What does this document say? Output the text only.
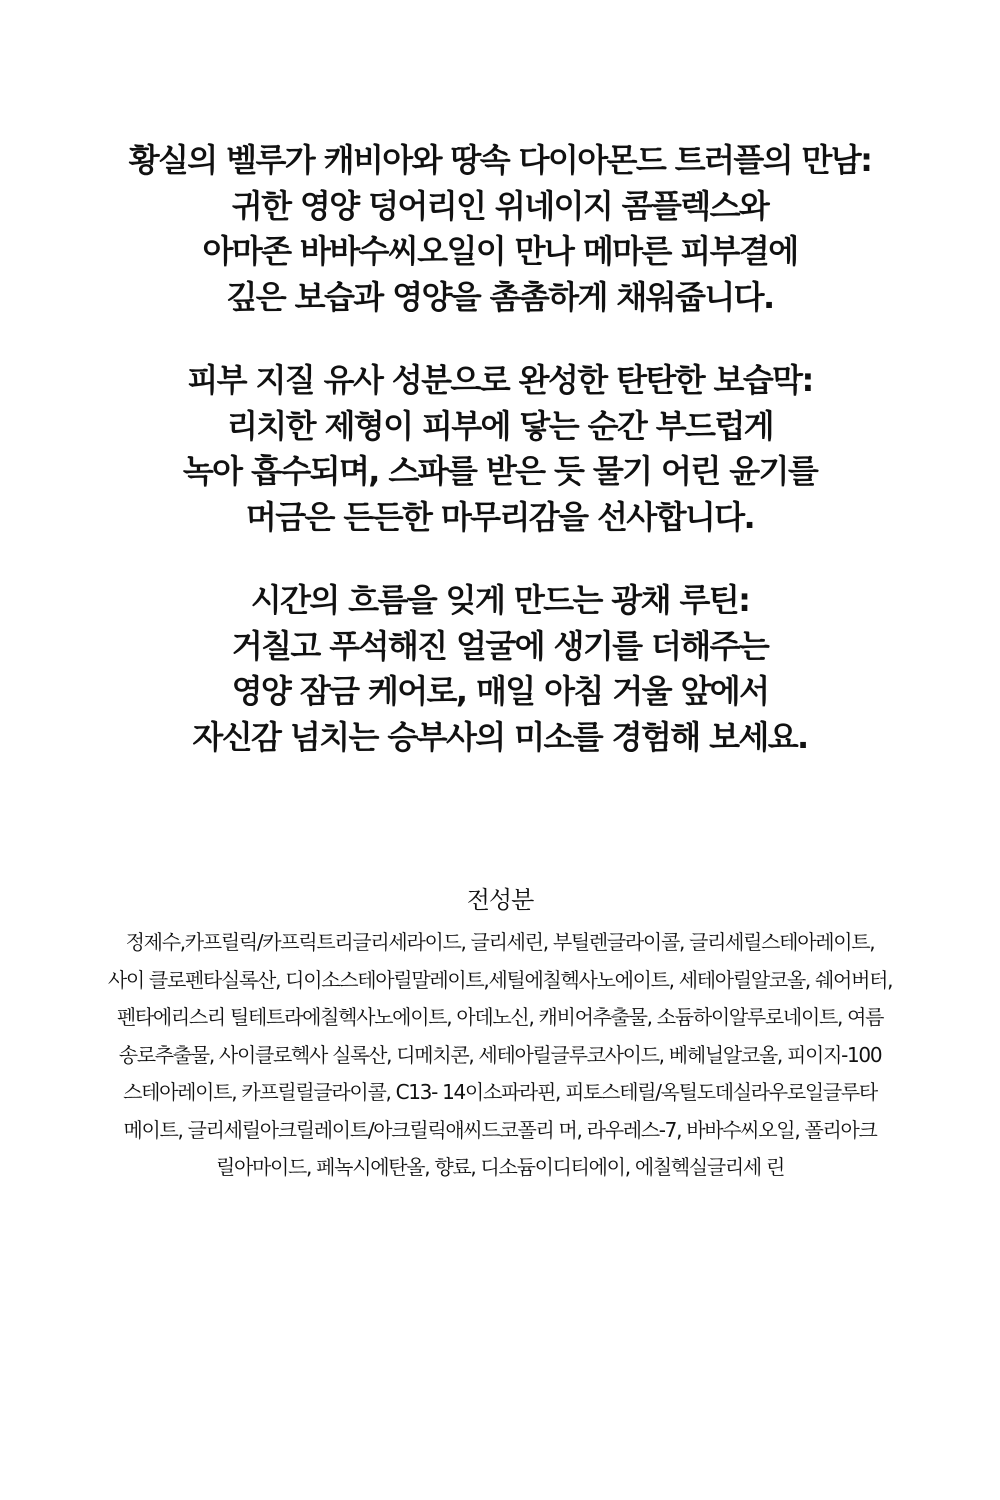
황실의 벨루가 캐비아와 땅속 다이아몬드 트러플의 만남:
귀한 영양 덩어리인 위네이지 콤플렉스와
아마존 바바수씨오일이 만나 메마른 피부결에
깊은 보습과 영양을 촘촘하게 채워줍니다.

피부 지질 유사 성분으로 완성한 탄탄한 보습막:
리치한 제형이 피부에 닿는 순간 부드럽게
녹아 흡수되며, 스파를 받은 듯 물기 어린 윤기를
머금은 든든한 마무리감을 선사합니다.

시간의 흐름을 잊게 만드는 광채 루틴:
거칠고 푸석해진 얼굴에 생기를 더해주는
영양 잠금 케어로, 매일 아침 거울 앞에서
자신감 넘치는 승부사의 미소를 경험해 보세요.

전성분
정제수,카프릴릭/카프릭트리글리세라이드, 글리세린, 부틸렌글라이콜, 글리세릴스테아레이트,
사이 클로펜타실록산, 디이소스테아릴말레이트,세틸에칠헥사노에이트, 세테아릴알코올, 쉐어버터,
펜타에리스리 틸테트라에칠헥사노에이트, 아데노신, 캐비어추출물, 소듐하이알루로네이트, 여름
송로추출물, 사이클로헥사 실록산, 디메치콘, 세테아릴글루코사이드, 베헤닐알코올, 피이지-100
스테아레이트, 카프릴릴글라이콜, C13- 14이소파라핀, 피토스테릴/옥틸도데실라우로일글루타
메이트, 글리세릴아크릴레이트/아크릴릭애씨드코폴리 머, 라우레스-7, 바바수씨오일, 폴리아크
릴아마이드, 페녹시에탄올, 향료, 디소듐이디티에이, 에칠헥실글리세 린
